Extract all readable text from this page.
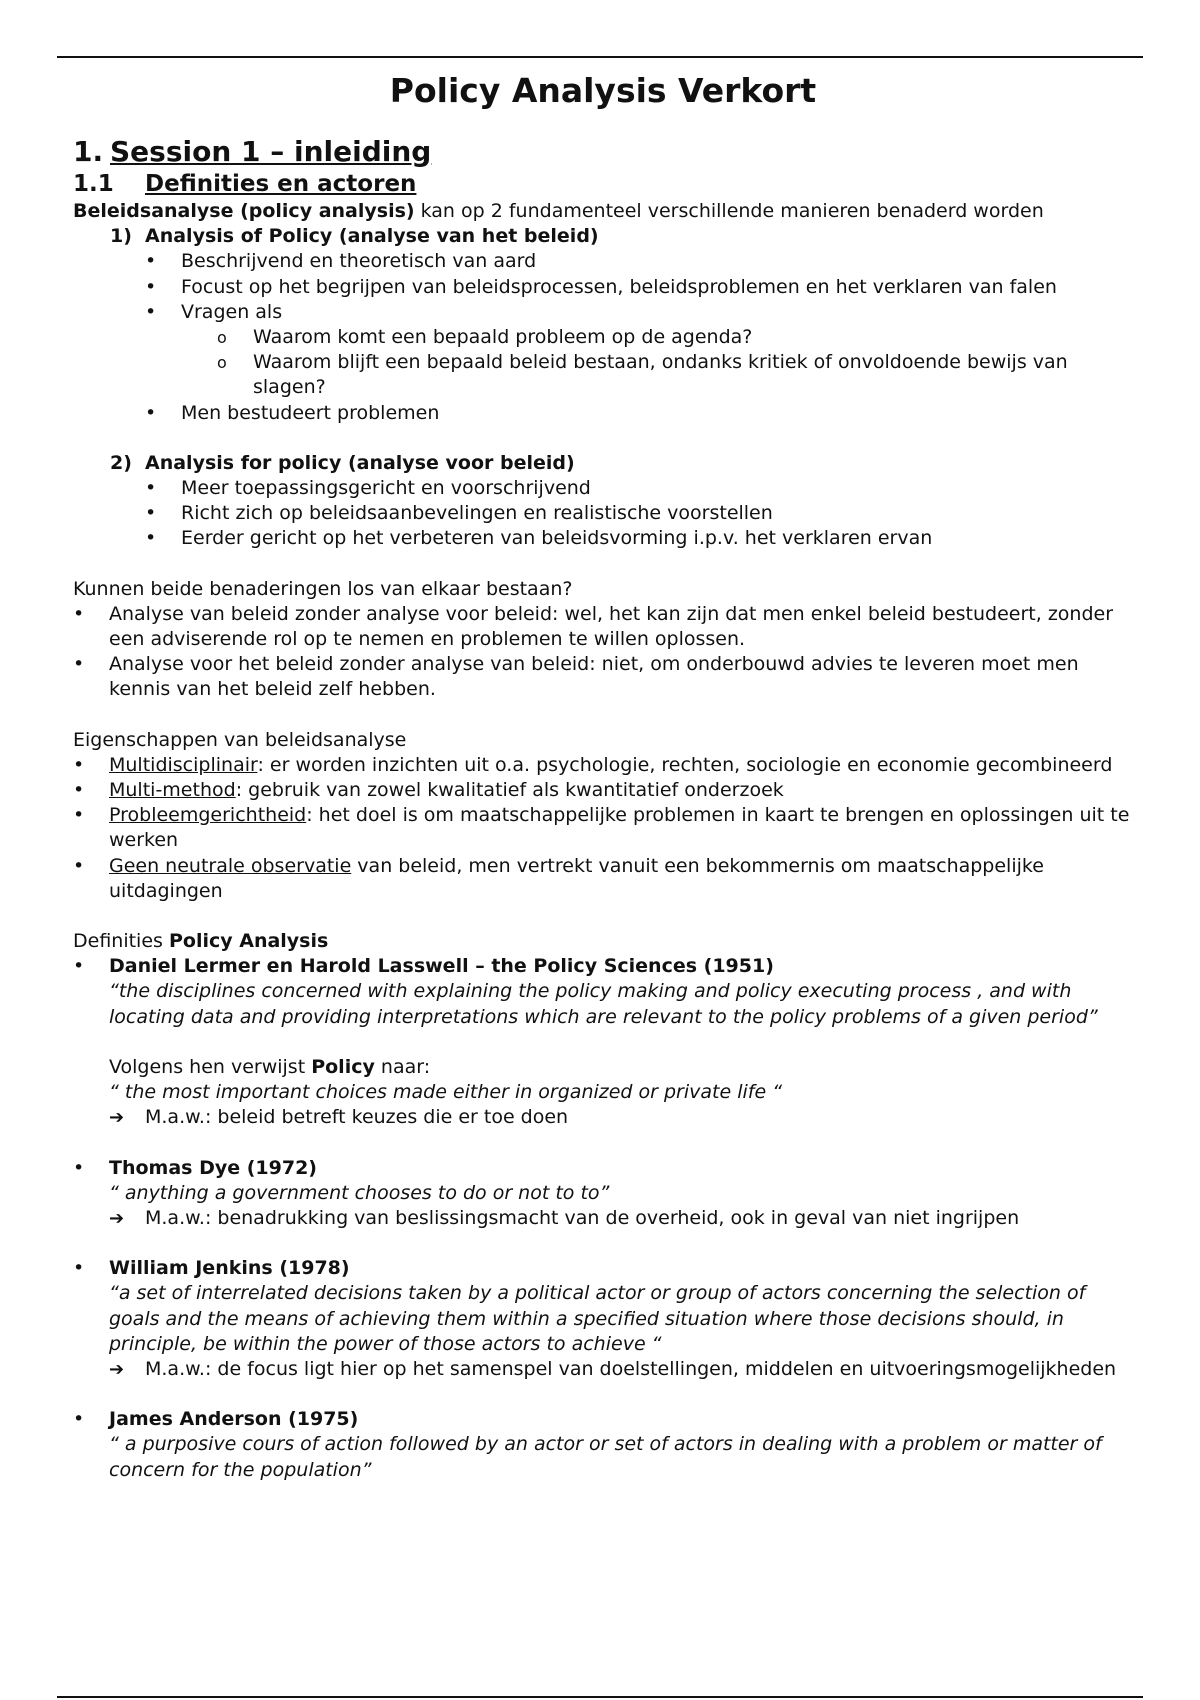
Policy Analysis Verkort
1. Session 1 – inleiding
1.1 Definities en actoren

Beleidsanalyse (policy analysis) kan op 2 fundamenteel verschillende manieren benaderd worden

1) Analysis of Policy (analyse van het beleid)
•	Beschrijvend en theoretisch van aard
•	Focust op het begrijpen van beleidsprocessen, beleidsproblemen en het verklaren van falen
•	Vragen als
o	Waarom komt een bepaald probleem op de agenda?
o	Waarom blijft een bepaald beleid bestaan, ondanks kritiek of onvoldoende bewijs van slagen?
•	Men bestudeert problemen
2) Analysis for policy (analyse voor beleid)
•	Meer toepassingsgericht en voorschrijvend
•	Richt zich op beleidsaanbevelingen en realistische voorstellen
•	Eerder gericht op het verbeteren van beleidsvorming i.p.v. het verklaren ervan

Kunnen beide benaderingen los van elkaar bestaan?

•	Analyse van beleid zonder analyse voor beleid: wel, het kan zijn dat men enkel beleid bestudeert, zonder een adviserende rol op te nemen en problemen te willen oplossen.
•	Analyse voor het beleid zonder analyse van beleid: niet, om onderbouwd advies te leveren moet men kennis van het beleid zelf hebben.

Eigenschappen van beleidsanalyse

•	Multidisciplinair: er worden inzichten uit o.a. psychologie, rechten, sociologie en economie gecombineerd
•	Multi-method: gebruik van zowel kwalitatief als kwantitatief onderzoek
•	Probleemgerichtheid: het doel is om maatschappelijke problemen in kaart te brengen en oplossingen uit te werken
•	Geen neutrale observatie van beleid, men vertrekt vanuit een bekommernis om maatschappelijke uitdagingen

Definities Policy Analysis

•	Daniel Lermer en Harold Lasswell – the Policy Sciences (1951)

“the disciplines concerned with explaining the policy making and policy executing process , and with locating data and providing interpretations which are relevant to the policy problems of a given period”

Volgens hen verwijst Policy naar:

“ the most important choices made either in organized or private life “

➔	M.a.w.: beleid betreft keuzes die er toe doen
•	Thomas Dye (1972)

“ anything a government chooses to do or not to to”

➔	M.a.w.: benadrukking van beslissingsmacht van de overheid, ook in geval van niet ingrijpen
•	William Jenkins (1978)

“a set of interrelated decisions taken by a political actor or group of actors concerning the selection of goals and the means of achieving them within a specified situation where those decisions should, in principle, be within the power of those actors to achieve “

➔	M.a.w.: de focus ligt hier op het samenspel van doelstellingen, middelen en uitvoeringsmogelijkheden
•	James Anderson (1975)

“ a purposive cours of action followed by an actor or set of actors in dealing with a problem or matter of concern for the population”
